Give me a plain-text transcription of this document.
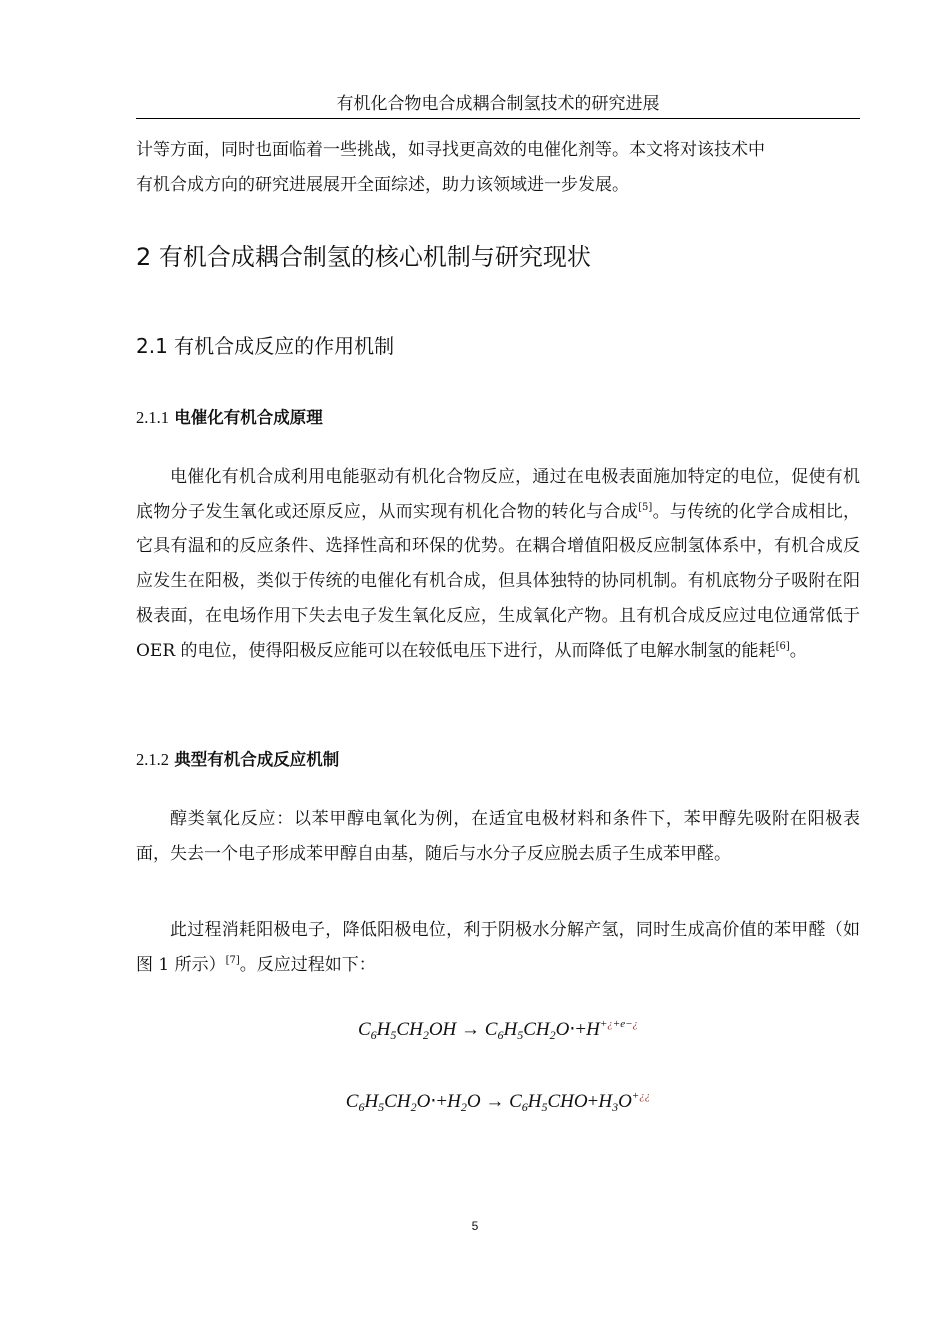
有机化合物电合成耦合制氢技术的研究进展

计等方面，同时也面临着一些挑战，如寻找更高效的电催化剂等。本文将对该技术中

有机合成方向的研究进展展开全面综述，助力该领域进一步发展。

2 有机合成耦合制氢的核心机制与研究现状
2.1 有机合成反应的作用机制
2.1.1 电催化有机合成原理

电催化有机合成利用电能驱动有机化合物反应，通过在电极表面施加特定的电位，促使有机底物分子发生氧化或还原反应，从而实现有机化合物的转化与合成[5]。与传统的化学合成相比，它具有温和的反应条件、选择性高和环保的优势。在耦合增值阳极反应制氢体系中，有机合成反应发生在阳极，类似于传统的电催化有机合成，但具体独特的协同机制。有机底物分子吸附在阳极表面，在电场作用下失去电子发生氧化反应，生成氧化产物。且有机合成反应过电位通常低于 OER 的电位，使得阳极反应能可以在较低电压下进行，从而降低了电解水制氢的能耗[6]。

2.1.2 典型有机合成反应机制

醇类氧化反应：以苯甲醇电氧化为例，在适宜电极材料和条件下，苯甲醇先吸附在阳极表面，失去一个电子形成苯甲醇自由基，随后与水分子反应脱去质子生成苯甲醛。

此过程消耗阳极电子，降低阳极电位，利于阴极水分解产氢，同时生成高价值的苯甲醛（如图 1 所示）[7]。反应过程如下：

$C_6H_5CH_2OH \to C_6H_5CH_2O\cdot+H^{+¿+e-¿}$
$C_6H_5CH_2O\cdot+H_2O \to C_6H_5CHO+H_3O^{+¿¿}$
5
